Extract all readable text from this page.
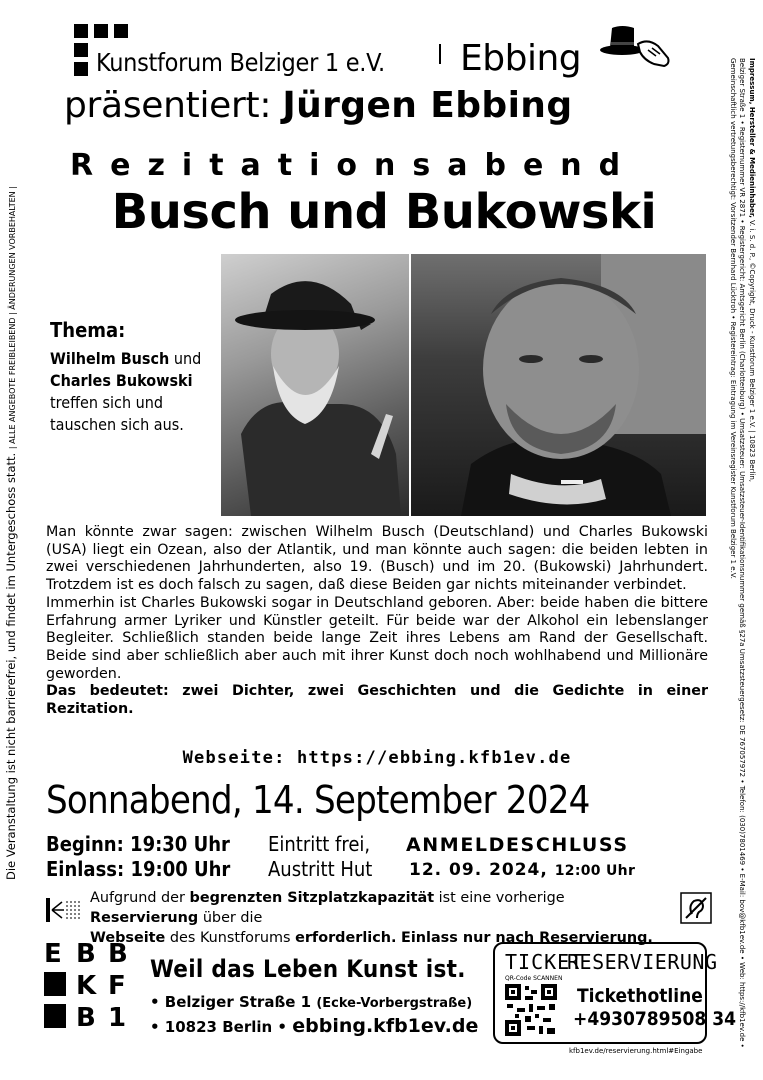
Kunstforum Belziger 1 e.V. Ebbing
präsentiert: Jürgen Ebbing
Rezitationsabend
Busch und Bukowski
Thema:
Wilhelm Busch und
Charles Bukowski
treffen sich und tauschen sich aus.

Man könnte zwar sagen: zwischen Wilhelm Busch (Deutschland) und Charles Bukowski (USA) liegt ein Ozean, also der Atlantik, und man könnte auch sagen: die beiden lebten in zwei verschiedenen Jahrhunderten, also 19. (Busch) und im 20. (Bukowski) Jahrhundert. Trotzdem ist es doch falsch zu sagen, daß diese Beiden gar nichts miteinander verbindet.

Immerhin ist Charles Bukowski sogar in Deutschland geboren. Aber: beide haben die bittere Erfahrung armer Lyriker und Künstler geteilt. Für beide war der Alkohol ein lebenslanger Begleiter. Schließlich standen beide lange Zeit ihres Lebens am Rand der Gesellschaft. Beide sind aber schließlich aber auch mit ihrer Kunst doch noch wohlhabend und Millionäre geworden.

Das bedeutet: zwei Dichter, zwei Geschichten und die Gedichte in einer Rezitation.

Webseite: https://ebbing.kfb1ev.de
Sonnabend, 14. September 2024
Beginn: 19:30 Uhr
Einlass: 19:00 Uhr
Eintritt frei,
Austritt Hut
ANMELDESCHLUSS
12. 09. 2024, 12:00 Uhr
Aufgrund der begrenzten Sitzplatzkapazität ist eine vorherige Reservierung über die
Webseite des Kunstforums erforderlich. Einlass nur nach Reservierung.
E B B
K F
B 1
Weil das Leben Kunst ist.
• Belziger Straße 1 (Ecke-Vorbergstraße)
• 10823 Berlin • ebbing.kfb1ev.de
TICKET
RESERVIERUNG
QR-Code SCANNEN
Tickethotline
+4930789508 34
kfb1ev.de/reservierung.html#Eingabe
Die Veranstaltung ist nicht barrierefrei, und findet im Untergeschoss statt. | ALLE ANGEBOTE FREIBLEIBEND | ÄNDERUNGEN VORBEHALTEN |
Impressum, Hersteller & Medieninhaber, V. i. S. d. P., ©Copyright, Druck - Kunstforum Belziger 1 e.V. | 10823 Berlin,
Belziger Straße 1 • Registernummer VR 2871 • Registergericht: Amtsgericht Berlin (Charlottenburg) • Umsatzsteuer: Umsatzsteuer-Identifikationsnummer gemäß §27a Umsatzsteuergesetz: DE 767057972 • Telefon: (030)7801469 • E-Mail: bov@kfb1ev.de • Web: https://kfb1ev.de •
Gemeinschaftlich vertretungsberechtigt: Vorsitzender Bernhard Lücktroh • Registereintrag: Eintragung im Vereinsregister Kunstforum Belziger 1 e.V.
